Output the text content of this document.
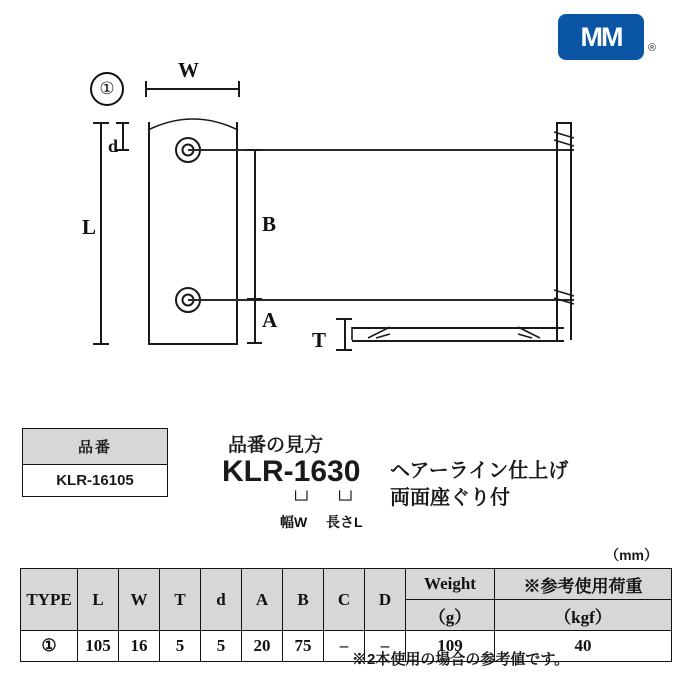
MM ®
①
W
L
d
B
A
T
品番
KLR-16105
品番の見方
KLR-1630
└┘ └┘
幅W 長さL
ヘアーライン仕上げ
両面座ぐり付
（mm）
TYPE	L	W	T	d	A	B	C	D	Weight	※参考使用荷重
									（g）	（kgf）
①	105	16	5	5	20	75	–	–	109	40
※2本使用の場合の参考値です。
